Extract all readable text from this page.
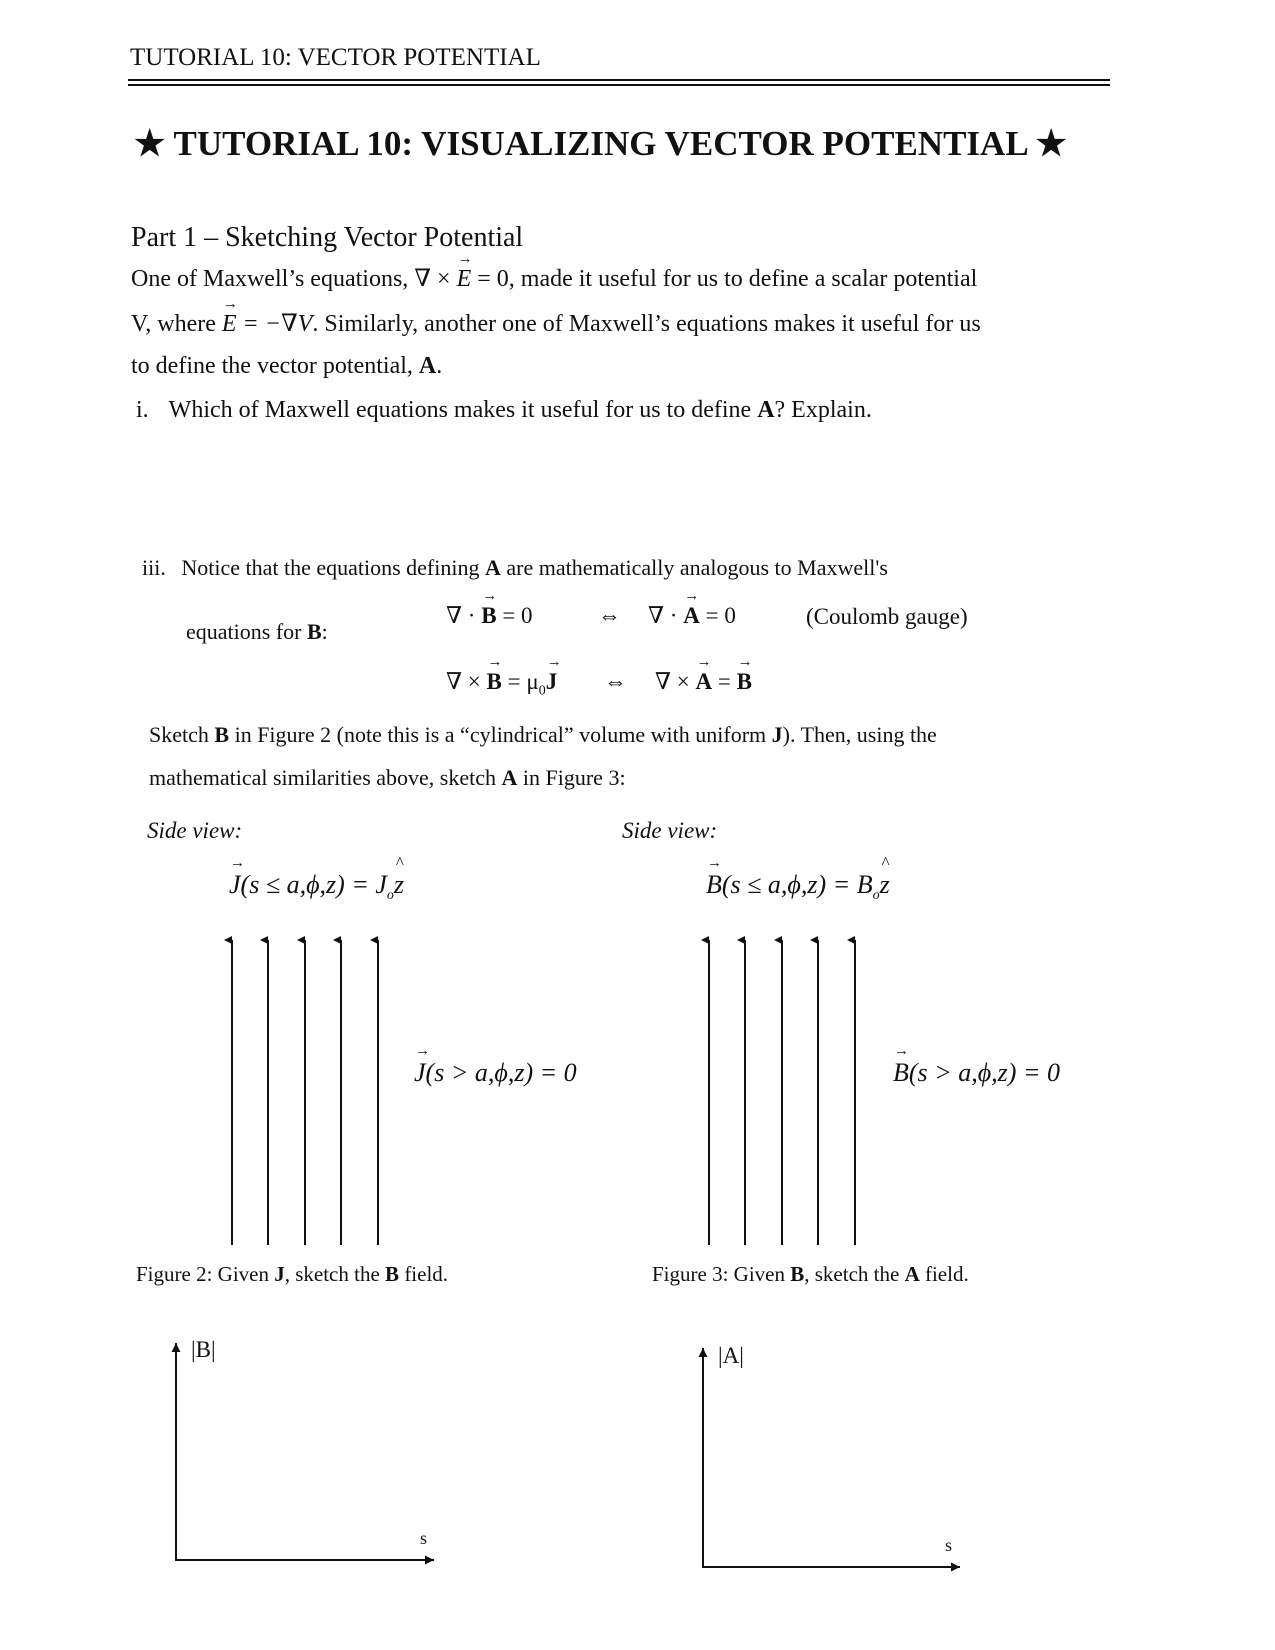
TUTORIAL 10: VECTOR POTENTIAL
★ TUTORIAL 10: VISUALIZING VECTOR POTENTIAL ★
Part 1 – Sketching Vector Potential
One of Maxwell’s equations, ∇ × → E = 0, made it useful for us to define a scalar potential
V, where → E = −∇V. Similarly, another one of Maxwell’s equations makes it useful for us
to define the vector potential, A.
i. Which of Maxwell equations makes it useful for us to define A? Explain.
iii. Notice that the equations defining A are mathematically analogous to Maxwell's
equations for B:
∇ · → B = 0	⇔ ∇ · → A = 0	(Coulomb gauge)
∇ × → $B = \mu_0\to J$ ⇔ ∇ × → A = → B
Sketch B in Figure 2 (note this is a “cylindrical” volume with uniform J). Then, using the
mathematical similarities above, sketch A in Figure 3:
Side view:	Side view:
→ $J(s \le a,\phi,z) = J_o\^{}$ z	→ $B(s \le a,\phi,z) = B_o\^{}$ z
→ J(s > a,ϕ,z) = 0	→ B(s > a,ϕ,z) = 0
Figure 2: Given J, sketch the B field.	Figure 3: Given B, sketch the A field.
|B|
s
|A|
s
